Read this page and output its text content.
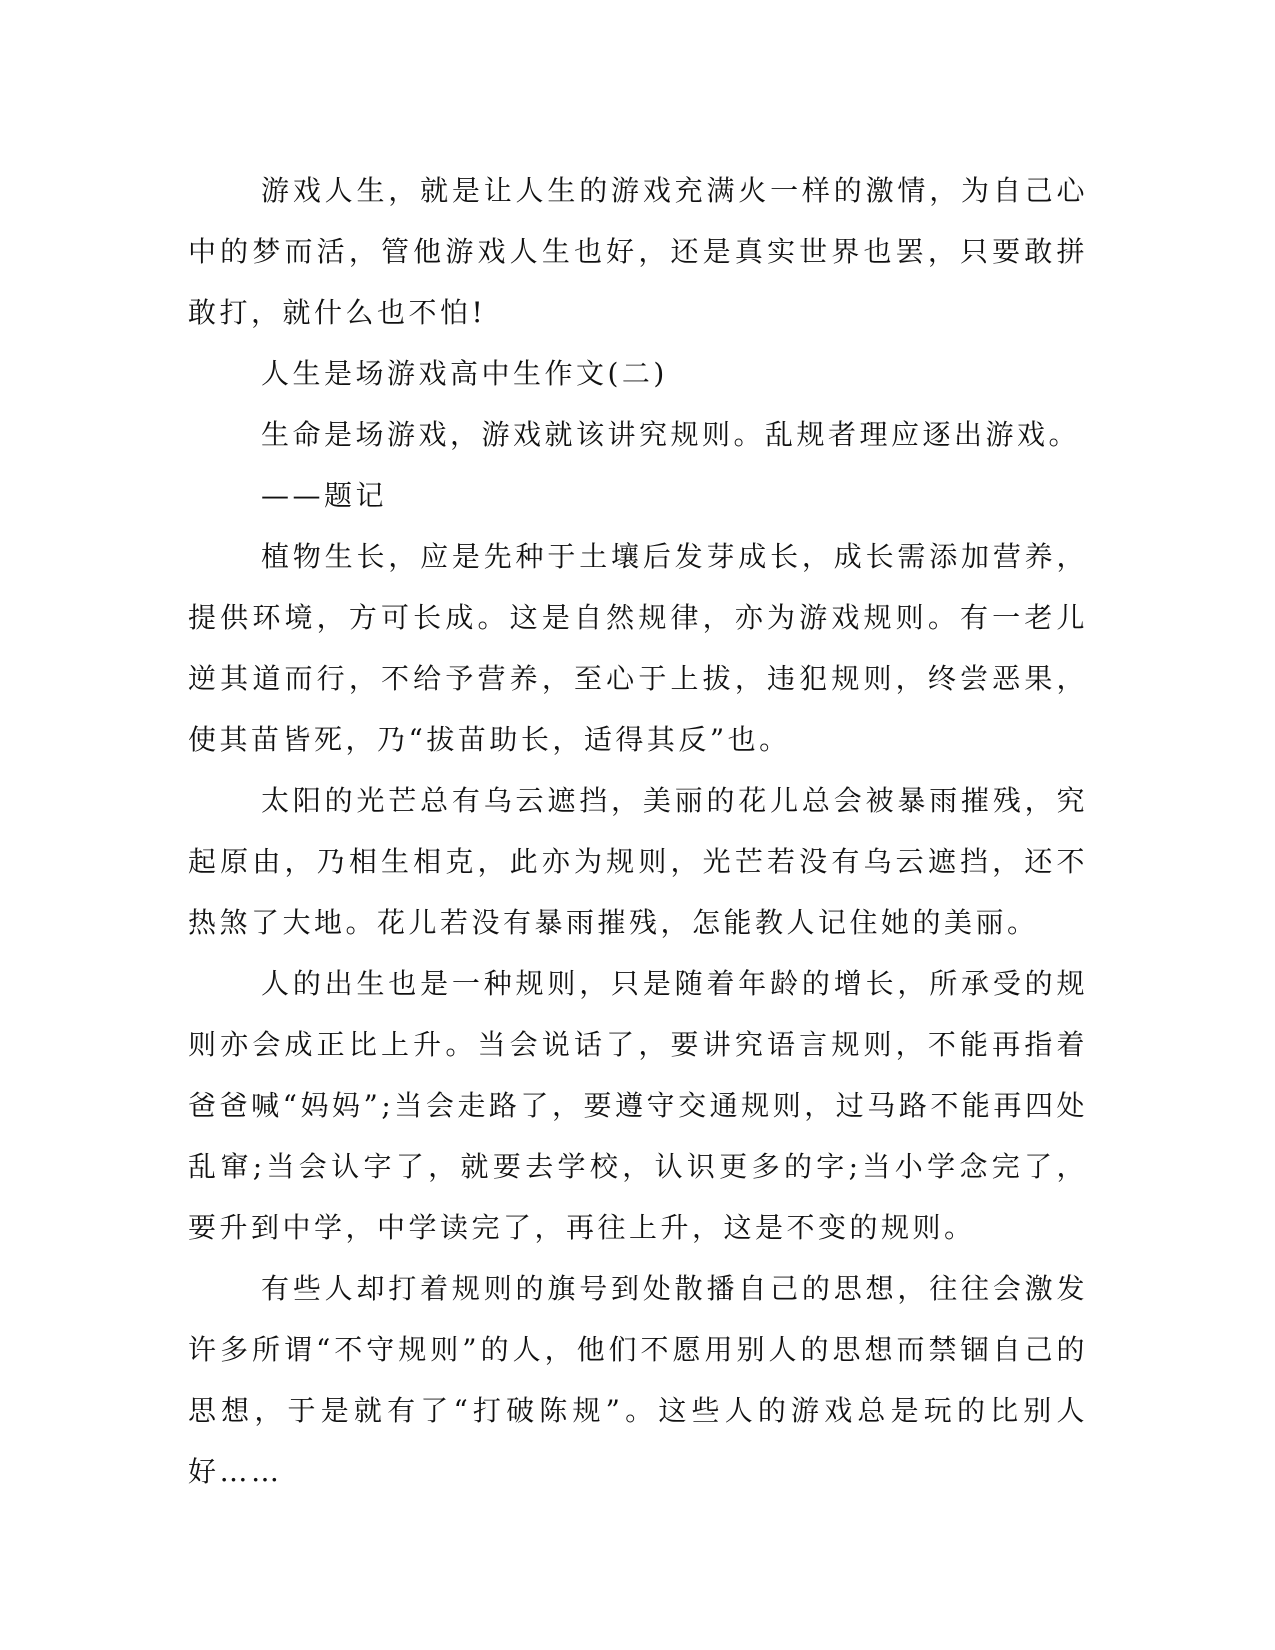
游戏人生，就是让人生的游戏充满火一样的激情，为自己心中的梦而活，管他游戏人生也好，还是真实世界也罢，只要敢拼敢打，就什么也不怕!

人生是场游戏高中生作文(二)

生命是场游戏，游戏就该讲究规则。乱规者理应逐出游戏。

——题记

植物生长，应是先种于土壤后发芽成长，成长需添加营养，提供环境，方可长成。这是自然规律，亦为游戏规则。有一老儿逆其道而行，不给予营养，至心于上拔，违犯规则，终尝恶果，使其苗皆死，乃“拔苗助长，适得其反”也。

太阳的光芒总有乌云遮挡，美丽的花儿总会被暴雨摧残，究起原由，乃相生相克，此亦为规则，光芒若没有乌云遮挡，还不热煞了大地。花儿若没有暴雨摧残，怎能教人记住她的美丽。

人的出生也是一种规则，只是随着年龄的增长，所承受的规则亦会成正比上升。当会说话了，要讲究语言规则，不能再指着爸爸喊“妈妈”;当会走路了，要遵守交通规则，过马路不能再四处乱窜;当会认字了，就要去学校，认识更多的字;当小学念完了，要升到中学，中学读完了，再往上升，这是不变的规则。

有些人却打着规则的旗号到处散播自己的思想，往往会激发许多所谓“不守规则”的人，他们不愿用别人的思想而禁锢自己的思想，于是就有了“打破陈规”。这些人的游戏总是玩的比别人好……
